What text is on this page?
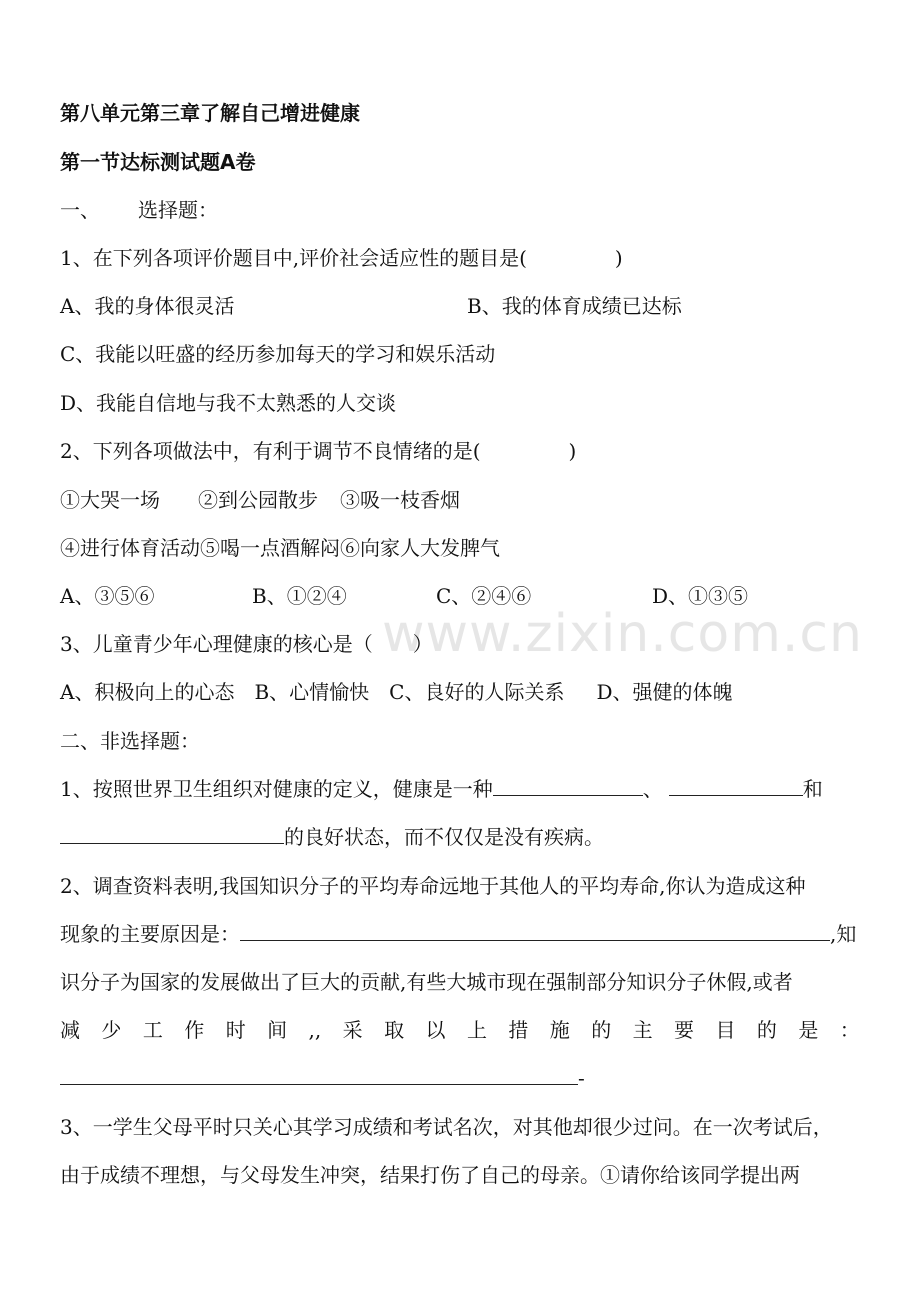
第八单元第三章了解自己增进健康
第一节达标测试题A卷
一、 选择题：
1、在下列各项评价题目中,评价社会适应性的题目是(	)
A、我的身体很灵活	B、我的体育成绩已达标
C、我能以旺盛的经历参加每天的学习和娱乐活动
D、我能自信地与我不太熟悉的人交谈
2、下列各项做法中，有利于调节不良情绪的是(	)
①大哭一场 ②到公园散步 ③吸一枝香烟
④进行体育活动⑤喝一点酒解闷⑥向家人大发脾气
A、③⑤⑥	B、①②④	C、②④⑥	D、①③⑤
www.zixin.com.cn
3、儿童青少年心理健康的核心是（　　）
A、积极向上的心态 B、心情愉快 C、良好的人际关系 D、强健的体魄
二、非选择题：
1、按照世界卫生组织对健康的定义，健康是一种	、	和
的良好状态，而不仅仅是没有疾病。
2、调查资料表明,我国知识分子的平均寿命远地于其他人的平均寿命,你认为造成这种
现象的主要原因是：	,知
识分子为国家的发展做出了巨大的贡献,有些大城市现在强制部分知识分子休假,或者
减 少 工 作 时 间 ,, 采 取 以 上 措 施 的 主 要 目 的 是 ：
-
3、一学生父母平时只关心其学习成绩和考试名次，对其他却很少过问。在一次考试后，
由于成绩不理想，与父母发生冲突，结果打伤了自己的母亲。①请你给该同学提出两
